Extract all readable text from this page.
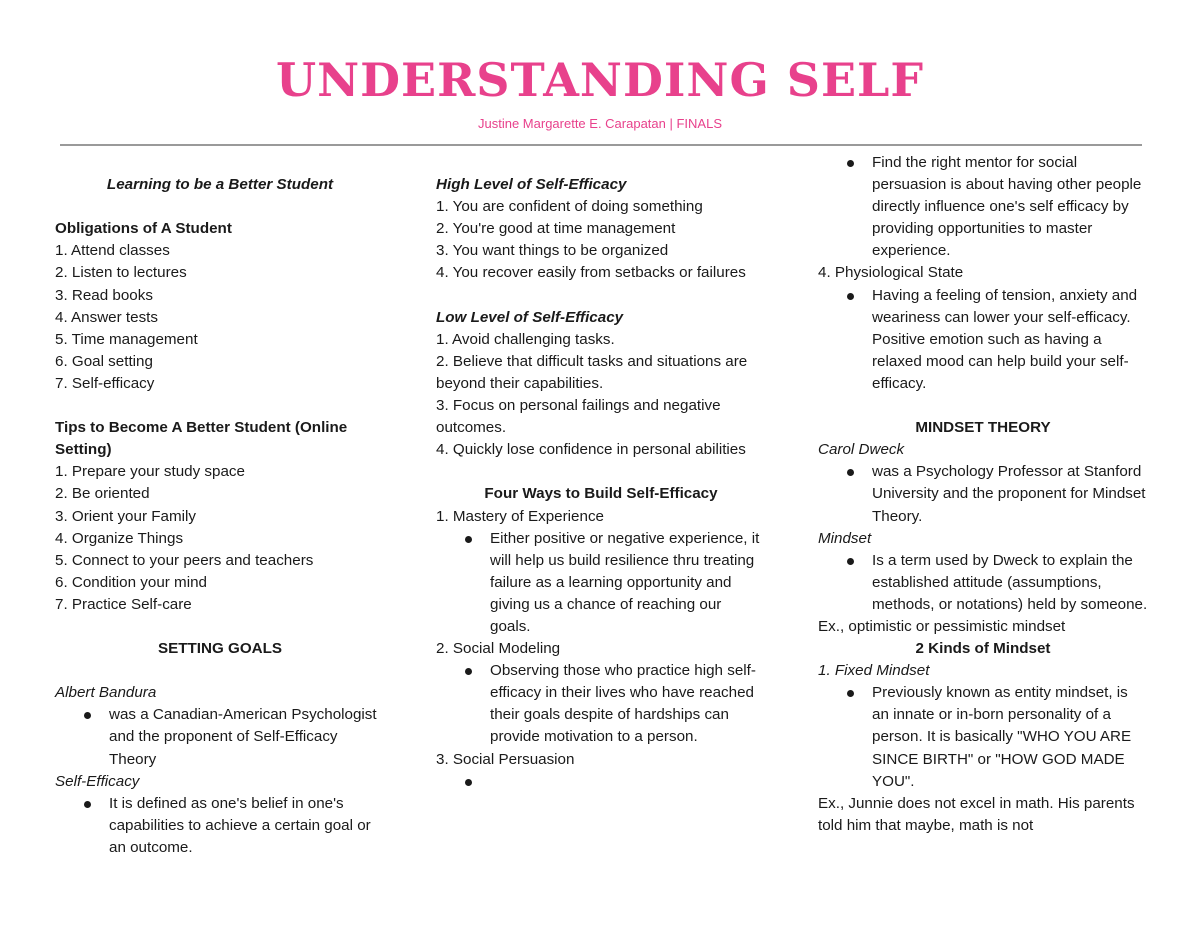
UNDERSTANDING SELF
Justine Margarette E. Carapatan | FINALS

Learning to be a Better Student

Obligations of A Student

1. Attend classes

2. Listen to lectures

3. Read books

4. Answer tests

5. Time management

6. Goal setting

7. Self-efficacy

Tips to Become A Better Student (Online Setting)

1. Prepare your study space

2. Be oriented

3. Orient your Family

4. Organize Things

5. Connect to your peers and teachers

6. Condition your mind

7. Practice Self-care

SETTING GOALS

Albert Bandura

was a Canadian-American Psychologist and the proponent of Self-Efficacy Theory

Self-Efficacy

It is defined as one's belief in one's capabilities to achieve a certain goal or an outcome.

High Level of Self-Efficacy

1. You are confident of doing something

2. You're good at time management

3. You want things to be organized

4. You recover easily from setbacks or failures

Low Level of Self-Efficacy

1. Avoid challenging tasks.

2. Believe that difficult tasks and situations are beyond their capabilities.

3. Focus on personal failings and negative outcomes.

4. Quickly lose confidence in personal abilities

Four Ways to Build Self-Efficacy

1. Mastery of Experience

Either positive or negative experience, it will help us build resilience thru treating failure as a learning opportunity and giving us a chance of reaching our goals.

2. Social Modeling

Observing those who practice high self-efficacy in their lives who have reached their goals despite of hardships can provide motivation to a person.

3. Social Persuasion

Find the right mentor for social persuasion is about having other people directly influence one's self efficacy by providing opportunities to master experience.

4. Physiological State

Having a feeling of tension, anxiety and weariness can lower your self-efficacy. Positive emotion such as having a relaxed mood can help build your self-efficacy.

MINDSET THEORY

Carol Dweck

was a Psychology Professor at Stanford University and the proponent for Mindset Theory.

Mindset

Is a term used by Dweck to explain the established attitude (assumptions, methods, or notations) held by someone.

Ex., optimistic or pessimistic mindset

2 Kinds of Mindset

1. Fixed Mindset

Previously known as entity mindset, is an innate or in-born personality of a person. It is basically "WHO YOU ARE SINCE BIRTH" or "HOW GOD MADE YOU".

Ex., Junnie does not excel in math. His parents told him that maybe, math is not
